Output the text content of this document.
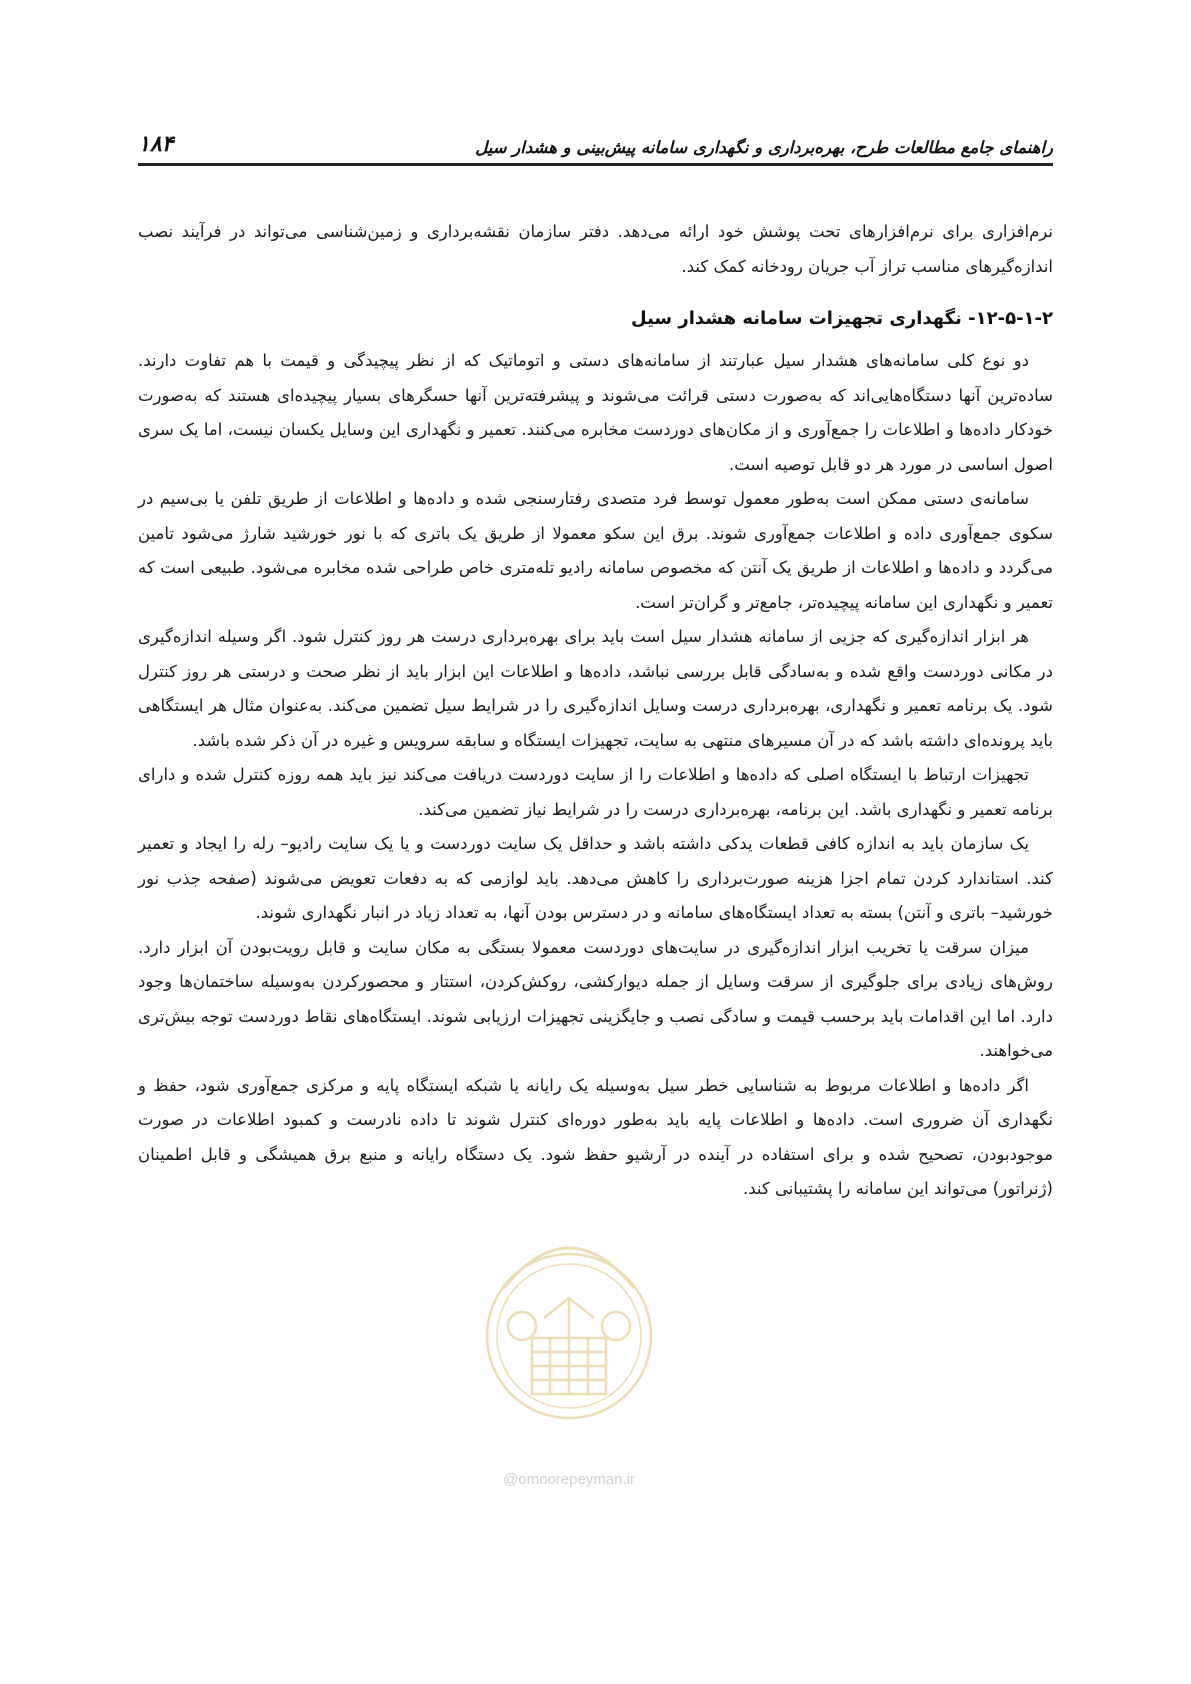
راهنمای جامع مطالعات طرح، بهره‌برداری و نگهداری سامانه پیش‌بینی و هشدار سیل
۱۸۴

نرم‌افزاری برای نرم‌افزارهای تحت پوشش خود ارائه می‌دهد. دفتر سازمان نقشه‌برداری و زمین‌شناسی می‌تواند در فرآیند نصب اندازه‌گیرهای مناسب تراز آب جریان رودخانه کمک کند.

۱۲-۵-۱-۲- نگهداری تجهیزات سامانه هشدار سیل

دو نوع کلی سامانه‌های هشدار سیل عبارتند از سامانه‌های دستی و اتوماتیک که از نظر پیچیدگی و قیمت با هم تفاوت دارند. ساده‌ترین آنها دستگاه‌هایی‌اند که به‌صورت دستی قرائت می‌شوند و پیشرفته‌ترین آنها حسگرهای بسیار پیچیده‌ای هستند که به‌صورت خودکار داده‌ها و اطلاعات را جمع‌آوری و از مکان‌های دوردست مخابره می‌کنند. تعمیر و نگهداری این وسایل یکسان نیست، اما یک سری اصول اساسی در مورد هر دو قابل توصیه است.

سامانه‌ی دستی ممکن است به‌طور معمول توسط فرد متصدی رفتارسنجی شده و داده‌ها و اطلاعات از طریق تلفن یا بی‌سیم در سکوی جمع‌آوری داده و اطلاعات جمع‌آوری شوند. برق این سکو معمولا از طریق یک باتری که با نور خورشید شارژ می‌شود تامین می‌گردد و داده‌ها و اطلاعات از طریق یک آنتن که مخصوص سامانه رادیو تله‌متری خاص طراحی شده مخابره می‌شود. طبیعی است که تعمیر و نگهداری این سامانه پیچیده‌تر، جامع‌تر و گران‌تر است.

هر ابزار اندازه‌گیری که جزیی از سامانه هشدار سیل است باید برای بهره‌برداری درست هر روز کنترل شود. اگر وسیله اندازه‌گیری در مکانی دوردست واقع شده و به‌سادگی قابل بررسی نباشد، داده‌ها و اطلاعات این ابزار باید از نظر صحت و درستی هر روز کنترل شود. یک برنامه تعمیر و نگهداری، بهره‌برداری درست وسایل اندازه‌گیری را در شرایط سیل تضمین می‌کند. به‌عنوان مثال هر ایستگاهی باید پرونده‌ای داشته باشد که در آن مسیرهای منتهی به سایت، تجهیزات ایستگاه و سابقه سرویس و غیره در آن ذکر شده باشد.

تجهیزات ارتباط با ایستگاه اصلی که داده‌ها و اطلاعات را از سایت دوردست دریافت می‌کند نیز باید همه روزه کنترل شده و دارای برنامه تعمیر و نگهداری باشد. این برنامه، بهره‌برداری درست را در شرایط نیاز تضمین می‌کند.

یک سازمان باید به اندازه کافی قطعات یدکی داشته باشد و حداقل یک سایت دوردست و یا یک سایت رادیو– رله را ایجاد و تعمیر کند. استاندارد کردن تمام اجزا هزینه صورت‌برداری را کاهش می‌دهد. باید لوازمی که به دفعات تعویض می‌شوند (صفحه جذب نور خورشید– باتری و آنتن) بسته به تعداد ایستگاه‌های سامانه و در دسترس بودن آنها، به تعداد زیاد در انبار نگهداری شوند.

میزان سرقت یا تخریب ابزار اندازه‌گیری در سایت‌های دوردست معمولا بستگی به مکان سایت و قابل رویت‌بودن آن ابزار دارد. روش‌های زیادی برای جلوگیری از سرقت وسایل از جمله دیوارکشی، روکش‌کردن، استتار و محصورکردن به‌وسیله ساختمان‌ها وجود دارد. اما این اقدامات باید برحسب قیمت و سادگی نصب و جایگزینی تجهیزات ارزیابی شوند. ایستگاه‌های نقاط دوردست توجه بیش‌تری می‌خواهند.

اگر داده‌ها و اطلاعات مربوط به شناسایی خطر سیل به‌وسیله یک رایانه یا شبکه ایستگاه پایه و مرکزی جمع‌آوری شود، حفظ و نگهداری آن ضروری است. داده‌ها و اطلاعات پایه باید به‌طور دوره‌ای کنترل شوند تا داده نادرست و کمبود اطلاعات در صورت موجودبودن، تصحیح شده و برای استفاده در آینده در آرشیو حفظ شود. یک دستگاه رایانه و منبع برق همیشگی و قابل اطمینان (ژنراتور) می‌تواند این سامانه را پشتیبانی کند.

@omoorepeyman.ir
